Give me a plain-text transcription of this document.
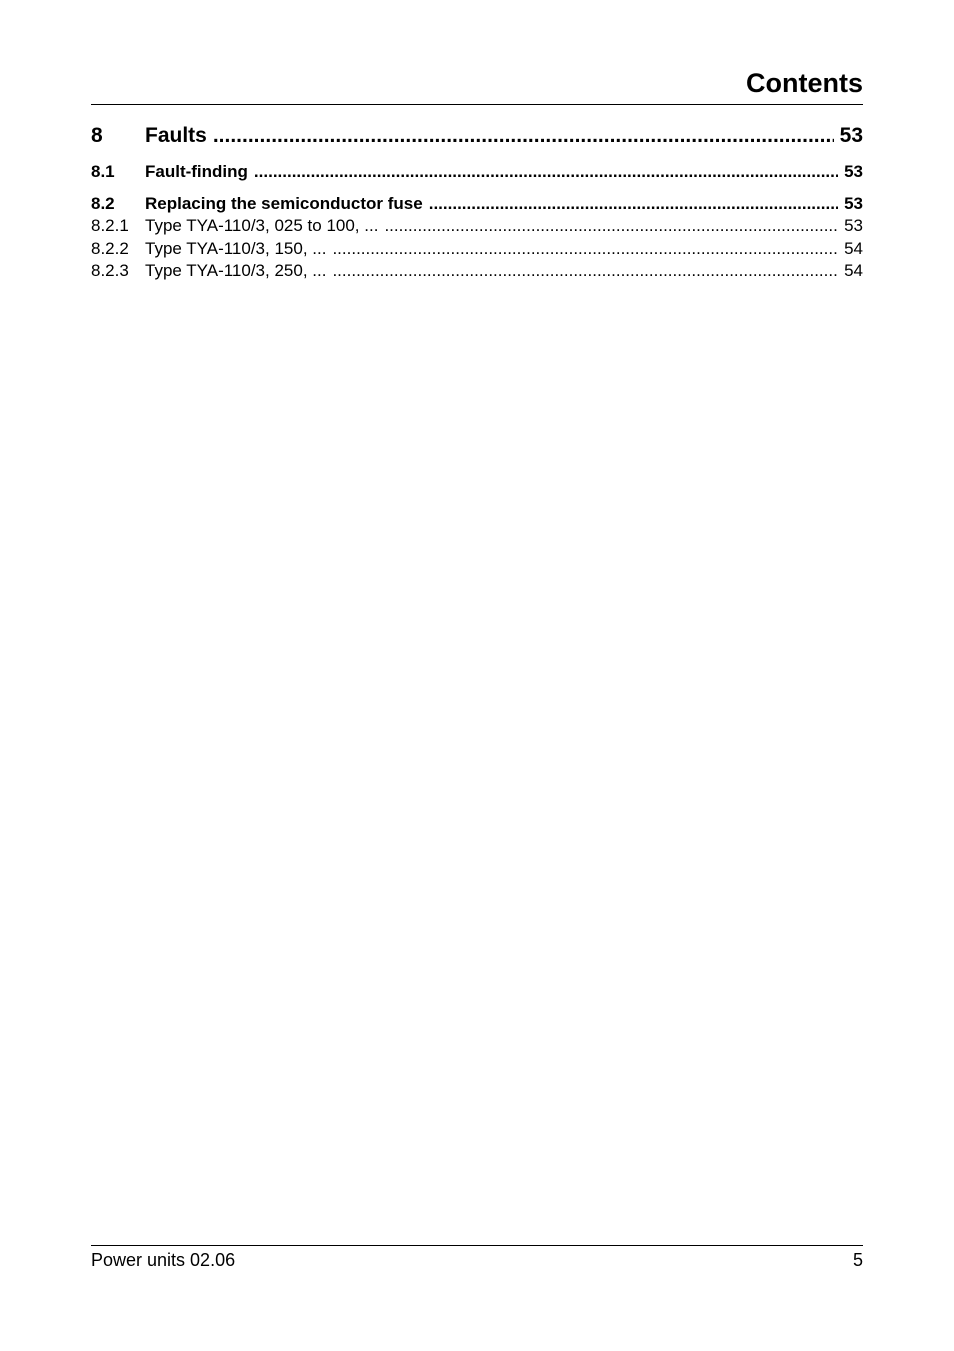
Contents
8	Faults .....	53
8.1	Fault-finding .....	53
8.2	Replacing the semiconductor fuse .....	53
8.2.1 Type TYA-110/3, 025 to 100, ... .....	53
8.2.2 Type TYA-110/3, 150, ... .....	54
8.2.3 Type TYA-110/3, 250, ... .....	54
Power units 02.06	5
